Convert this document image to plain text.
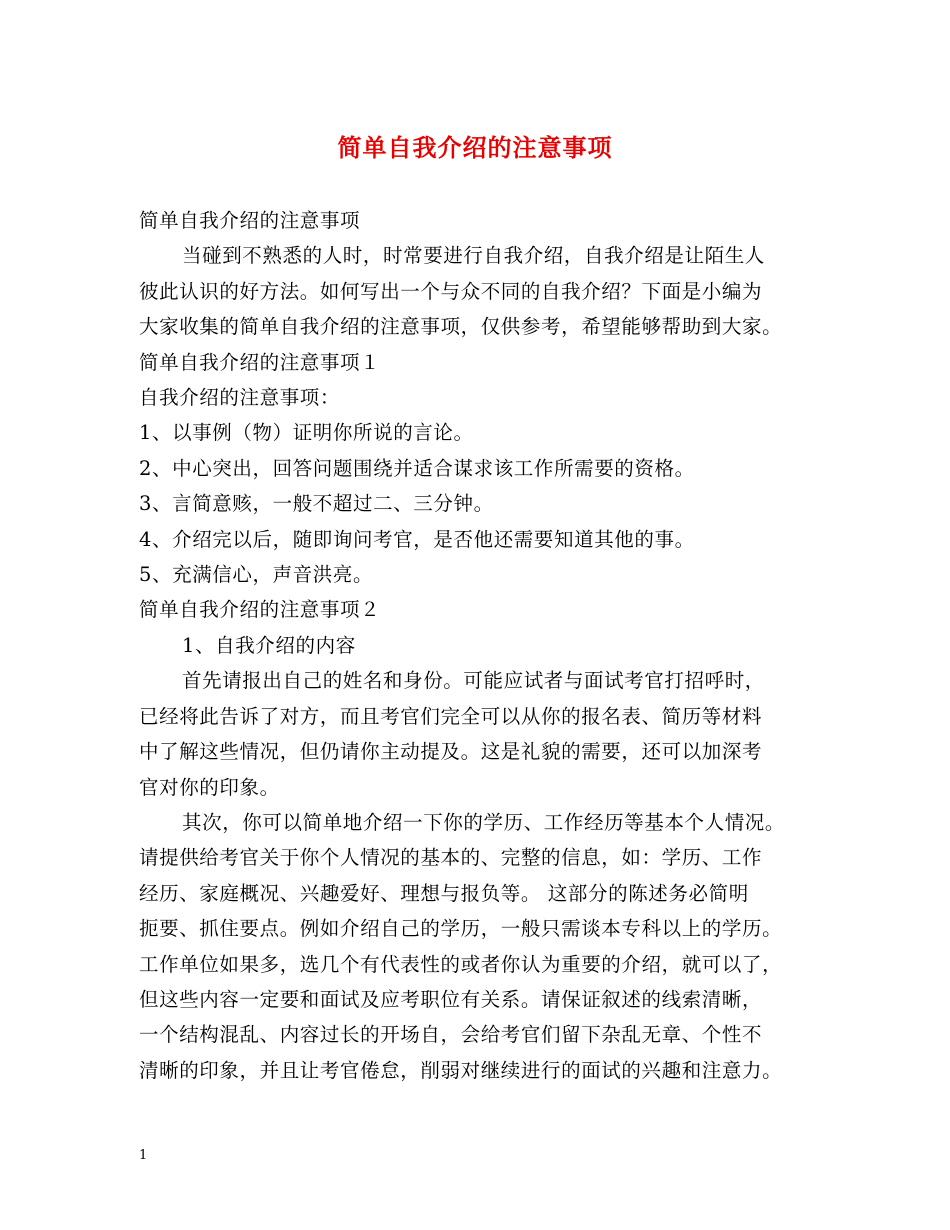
简单自我介绍的注意事项
简单自我介绍的注意事项
当碰到不熟悉的人时，时常要进行自我介绍，自我介绍是让陌生人
彼此认识的好方法。如何写出一个与众不同的自我介绍？下面是小编为
大家收集的简单自我介绍的注意事项，仅供参考，希望能够帮助到大家。
简单自我介绍的注意事项１
自我介绍的注意事项：
1、以事例（物）证明你所说的言论。
2、中心突出，回答问题围绕并适合谋求该工作所需要的资格。
3、言简意赅，一般不超过二、三分钟。
4、介绍完以后，随即询问考官，是否他还需要知道其他的事。
5、充满信心，声音洪亮。
简单自我介绍的注意事项２
1、自我介绍的内容
首先请报出自己的姓名和身份。可能应试者与面试考官打招呼时，
已经将此告诉了对方，而且考官们完全可以从你的报名表、简历等材料
中了解这些情况，但仍请你主动提及。这是礼貌的需要，还可以加深考
官对你的印象。
其次，你可以简单地介绍一下你的学历、工作经历等基本个人情况。
请提供给考官关于你个人情况的基本的、完整的信息，如：学历、工作
经历、家庭概况、兴趣爱好、理想与报负等。 这部分的陈述务必简明
扼要、抓住要点。例如介绍自己的学历，一般只需谈本专科以上的学历。
工作单位如果多，选几个有代表性的或者你认为重要的介绍，就可以了，
但这些内容一定要和面试及应考职位有关系。请保证叙述的线索清晰，
一个结构混乱、内容过长的开场自，会给考官们留下杂乱无章、个性不
清晰的印象，并且让考官倦怠，削弱对继续进行的面试的兴趣和注意力。
1
